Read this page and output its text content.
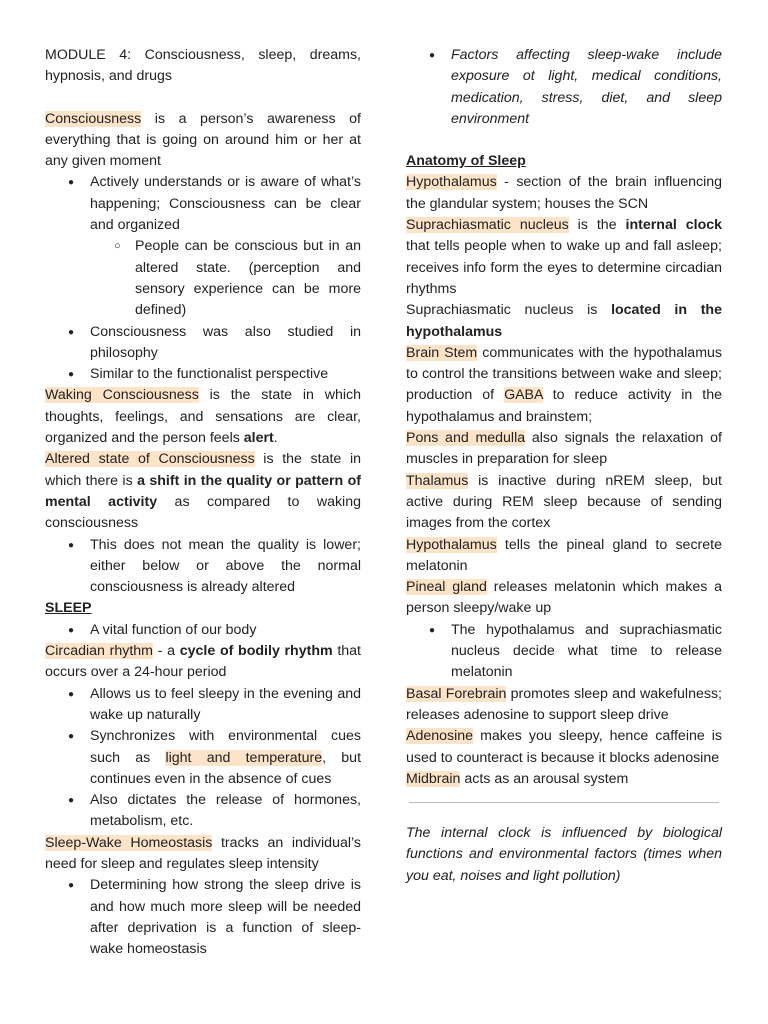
MODULE 4: Consciousness, sleep, dreams, hypnosis, and drugs

Consciousness is a person’s awareness of everything that is going on around him or her at any given moment

● Actively understands or is aware of what’s happening; Consciousness can be clear and organized
○ People can be conscious but in an altered state. (perception and sensory experience can be more defined)
● Consciousness was also studied in philosophy
● Similar to the functionalist perspective

Waking Consciousness is the state in which thoughts, feelings, and sensations are clear, organized and the person feels alert.

Altered state of Consciousness is the state in which there is a shift in the quality or pattern of mental activity as compared to waking consciousness

● This does not mean the quality is lower; either below or above the normal consciousness is already altered

SLEEP

● A vital function of our body

Circadian rhythm - a cycle of bodily rhythm that occurs over a 24-hour period

● Allows us to feel sleepy in the evening and wake up naturally
● Synchronizes with environmental cues such as light and temperature, but continues even in the absence of cues
● Also dictates the release of hormones, metabolism, etc.

Sleep-Wake Homeostasis tracks an individual’s need for sleep and regulates sleep intensity

● Determining how strong the sleep drive is and how much more sleep will be needed after deprivation is a function of sleep-wake homeostasis
● Factors affecting sleep-wake include exposure ot light, medical conditions, medication, stress, diet, and sleep environment

Anatomy of Sleep

Hypothalamus - section of the brain influencing the glandular system; houses the SCN

Suprachiasmatic nucleus is the internal clock that tells people when to wake up and fall asleep; receives info form the eyes to determine circadian rhythms

Suprachiasmatic nucleus is located in the hypothalamus

Brain Stem communicates with the hypothalamus to control the transitions between wake and sleep; production of GABA to reduce activity in the hypothalamus and brainstem;

Pons and medulla also signals the relaxation of muscles in preparation for sleep

Thalamus is inactive during nREM sleep, but active during REM sleep because of sending images from the cortex

Hypothalamus tells the pineal gland to secrete melatonin

Pineal gland releases melatonin which makes a person sleepy/wake up

● The hypothalamus and suprachiasmatic nucleus decide what time to release melatonin

Basal Forebrain promotes sleep and wakefulness; releases adenosine to support sleep drive

Adenosine makes you sleepy, hence caffeine is used to counteract is because it blocks adenosine

Midbrain acts as an arousal system

The internal clock is influenced by biological functions and environmental factors (times when you eat, noises and light pollution)
